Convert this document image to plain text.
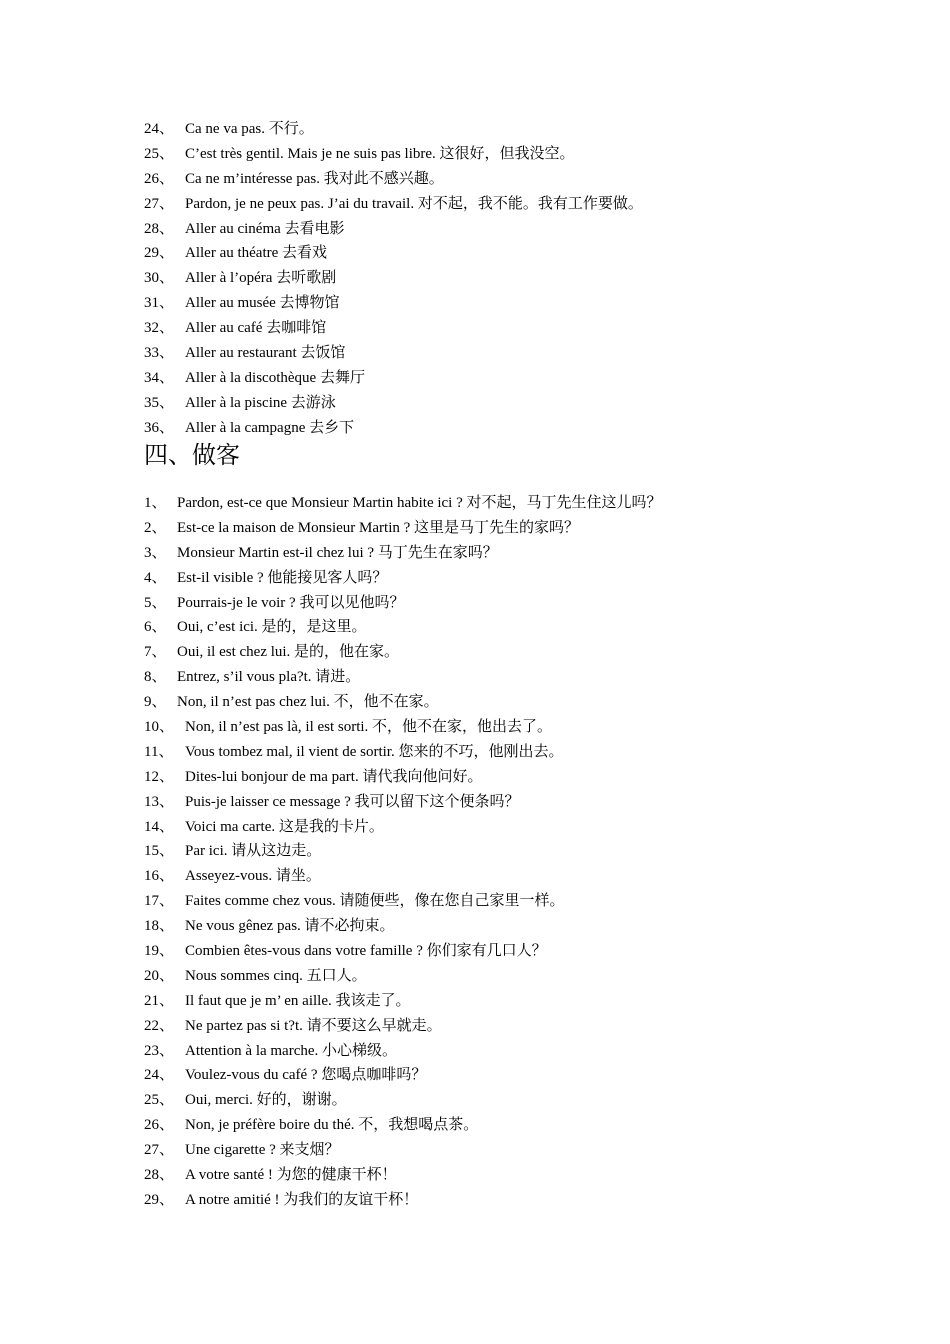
24、 Ca ne va pas. 不行。
25、 C’est très gentil. Mais je ne suis pas libre. 这很好，但我没空。
26、 Ca ne m’intéresse pas. 我对此不感兴趣。
27、 Pardon, je ne peux pas. J’ai du travail. 对不起，我不能。我有工作要做。
28、 Aller au cinéma 去看电影
29、 Aller au théatre 去看戏
30、 Aller à l’opéra 去听歌剧
31、 Aller au musée 去博物馆
32、 Aller au café 去咖啡馆
33、 Aller au restaurant 去饭馆
34、 Aller à la discothèque 去舞厅
35、 Aller à la piscine 去游泳
36、 Aller à la campagne 去乡下
四、做客
1、 Pardon, est-ce que Monsieur Martin habite ici ? 对不起，马丁先生住这儿吗？
2、 Est-ce la maison de Monsieur Martin ? 这里是马丁先生的家吗？
3、 Monsieur Martin est-il chez lui ? 马丁先生在家吗？
4、 Est-il visible ? 他能接见客人吗？
5、 Pourrais-je le voir ? 我可以见他吗？
6、 Oui, c’est ici. 是的，是这里。
7、 Oui, il est chez lui. 是的，他在家。
8、 Entrez, s’il vous pla?t. 请进。
9、 Non, il n’est pas chez lui. 不，他不在家。
10、 Non, il n’est pas là, il est sorti. 不，他不在家，他出去了。
11、 Vous tombez mal, il vient de sortir. 您来的不巧，他刚出去。
12、 Dites-lui bonjour de ma part. 请代我向他问好。
13、 Puis-je laisser ce message ? 我可以留下这个便条吗？
14、 Voici ma carte. 这是我的卡片。
15、 Par ici. 请从这边走。
16、 Asseyez-vous. 请坐。
17、 Faites comme chez vous. 请随便些，像在您自己家里一样。
18、 Ne vous gênez pas. 请不必拘束。
19、 Combien êtes-vous dans votre famille ? 你们家有几口人？
20、 Nous sommes cinq. 五口人。
21、 Il faut que je m’ en aille. 我该走了。
22、 Ne partez pas si t?t. 请不要这么早就走。
23、 Attention à la marche. 小心梯级。
24、 Voulez-vous du café ? 您喝点咖啡吗？
25、 Oui, merci. 好的，谢谢。
26、 Non, je préfère boire du thé. 不，我想喝点茶。
27、 Une cigarette ? 来支烟？
28、 A votre santé ! 为您的健康干杯！
29、 A notre amitié ! 为我们的友谊干杯！
